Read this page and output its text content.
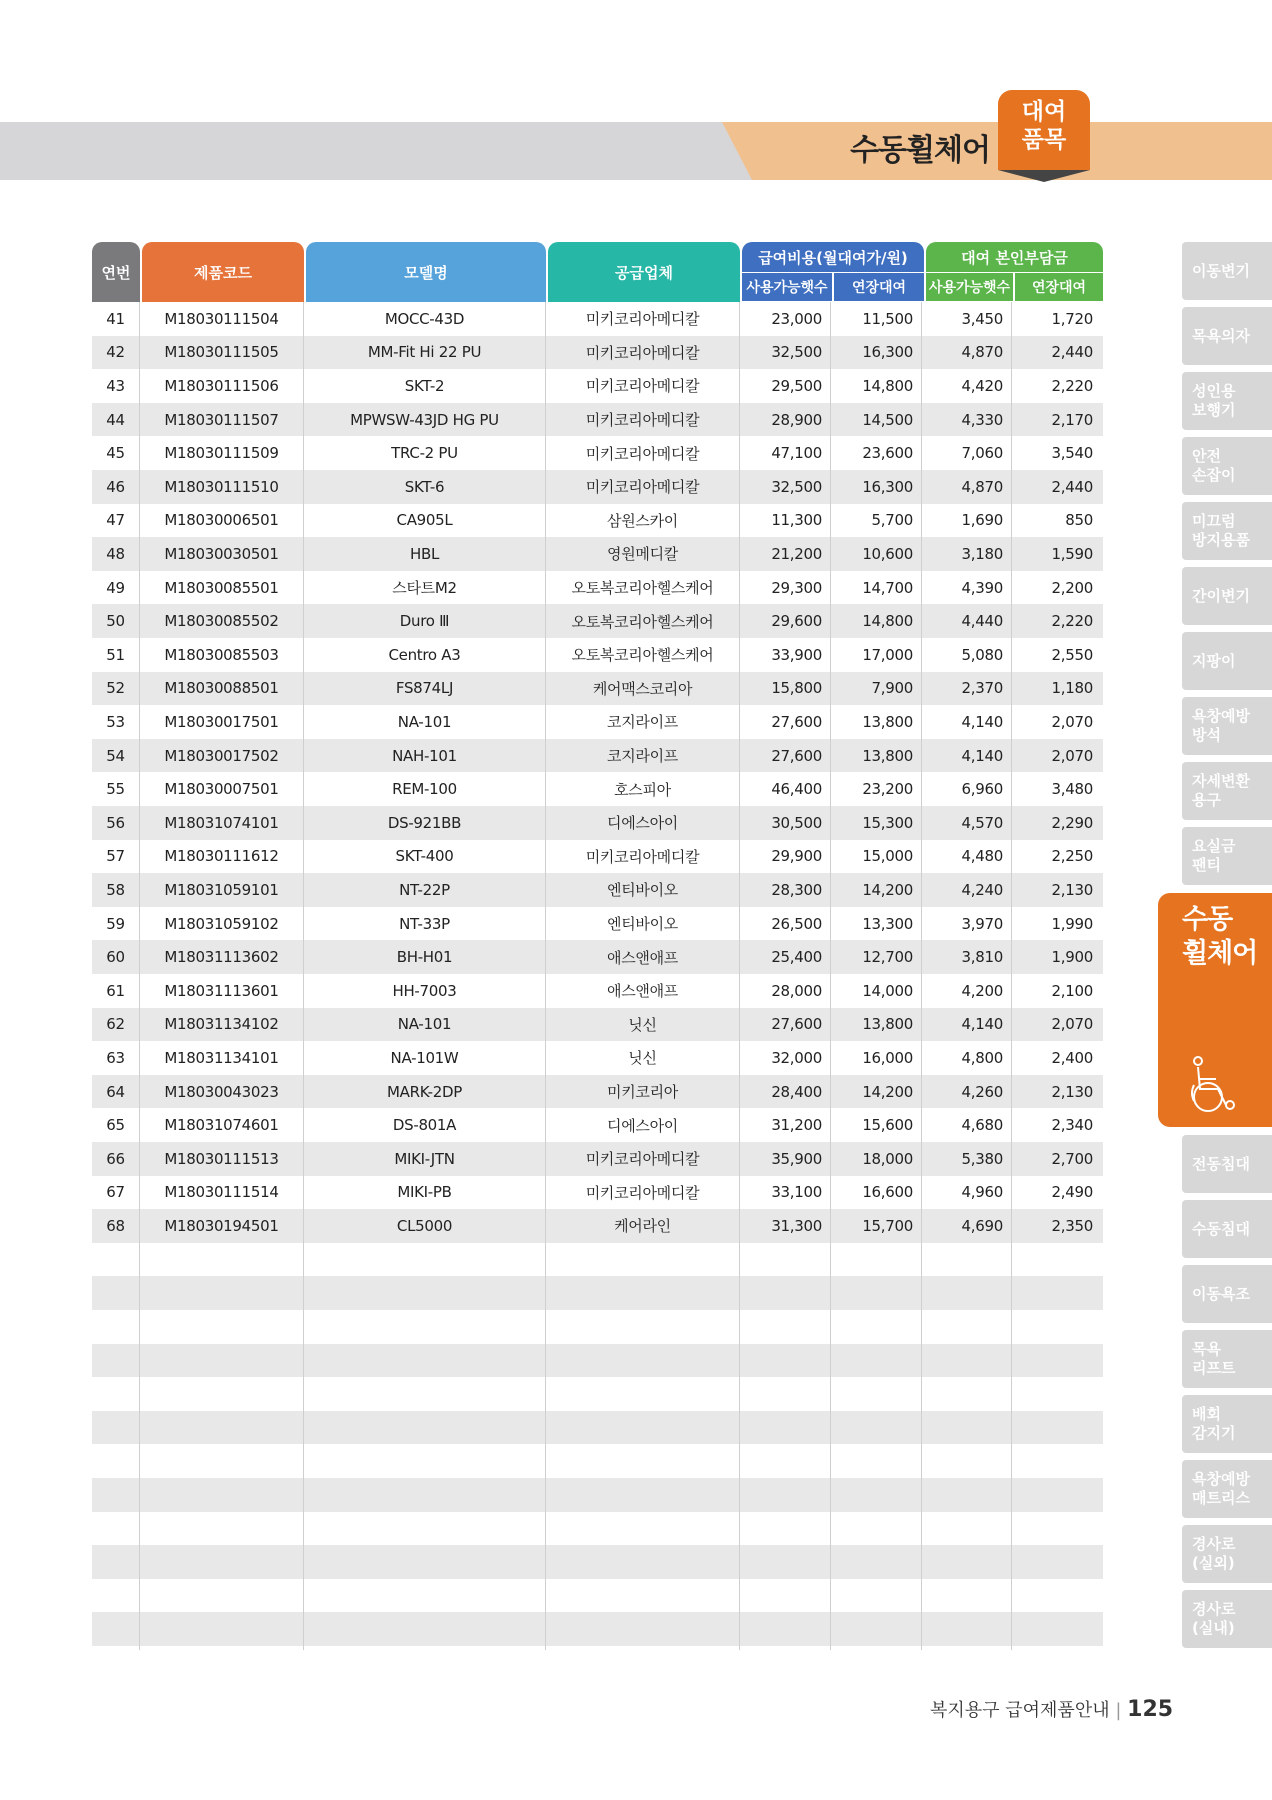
수동휠체어
대여
품목
연번	제품코드	모델명	공급업체
급여비용(월대여가/원)	대여 본인부담금
사용가능햇수	연장대여	사용가능햇수	연장대여
41	M18030111504	MOCC-43D	미키코리아메디칼	23,000	11,500	3,450	1,720
42	M18030111505	MM-Fit Hi 22 PU	미키코리아메디칼	32,500	16,300	4,870	2,440
43	M18030111506	SKT-2	미키코리아메디칼	29,500	14,800	4,420	2,220
44	M18030111507	MPWSW-43JD HG PU	미키코리아메디칼	28,900	14,500	4,330	2,170
45	M18030111509	TRC-2 PU	미키코리아메디칼	47,100	23,600	7,060	3,540
46	M18030111510	SKT-6	미키코리아메디칼	32,500	16,300	4,870	2,440
47	M18030006501	CA905L	삼원스카이	11,300	5,700	1,690	850
48	M18030030501	HBL	영원메디칼	21,200	10,600	3,180	1,590
49	M18030085501	스타트M2	오토복코리아헬스케어	29,300	14,700	4,390	2,200
50	M18030085502	Duro Ⅲ	오토복코리아헬스케어	29,600	14,800	4,440	2,220
51	M18030085503	Centro A3	오토복코리아헬스케어	33,900	17,000	5,080	2,550
52	M18030088501	FS874LJ	케어맥스코리아	15,800	7,900	2,370	1,180
53	M18030017501	NA-101	코지라이프	27,600	13,800	4,140	2,070
54	M18030017502	NAH-101	코지라이프	27,600	13,800	4,140	2,070
55	M18030007501	REM-100	호스피아	46,400	23,200	6,960	3,480
56	M18031074101	DS-921BB	디에스아이	30,500	15,300	4,570	2,290
57	M18030111612	SKT-400	미키코리아메디칼	29,900	15,000	4,480	2,250
58	M18031059101	NT-22P	엔티바이오	28,300	14,200	4,240	2,130
59	M18031059102	NT-33P	엔티바이오	26,500	13,300	3,970	1,990
60	M18031113602	BH-H01	애스앤애프	25,400	12,700	3,810	1,900
61	M18031113601	HH-7003	애스앤애프	28,000	14,000	4,200	2,100
62	M18031134102	NA-101	닛신	27,600	13,800	4,140	2,070
63	M18031134101	NA-101W	닛신	32,000	16,000	4,800	2,400
64	M18030043023	MARK-2DP	미키코리아	28,400	14,200	4,260	2,130
65	M18031074601	DS-801A	디에스아이	31,200	15,600	4,680	2,340
66	M18030111513	MIKI-JTN	미키코리아메디칼	35,900	18,000	5,380	2,700
67	M18030111514	MIKI-PB	미키코리아메디칼	33,100	16,600	4,960	2,490
68	M18030194501	CL5000	케어라인	31,300	15,700	4,690	2,350
이동변기
목욕의자
성인용
보행기
안전
손잡이
미끄럼
방지용품
간이변기
지팡이
욕창예방
방석
자세변환
용구
요실금
팬티
전동침대
수동침대
이동욕조
목욕
리프트
배회
감지기
욕창예방
매트리스
경사로
(실외)
경사로
(실내)
수동
휠체어
복지용구 급여제품안내 | 125
